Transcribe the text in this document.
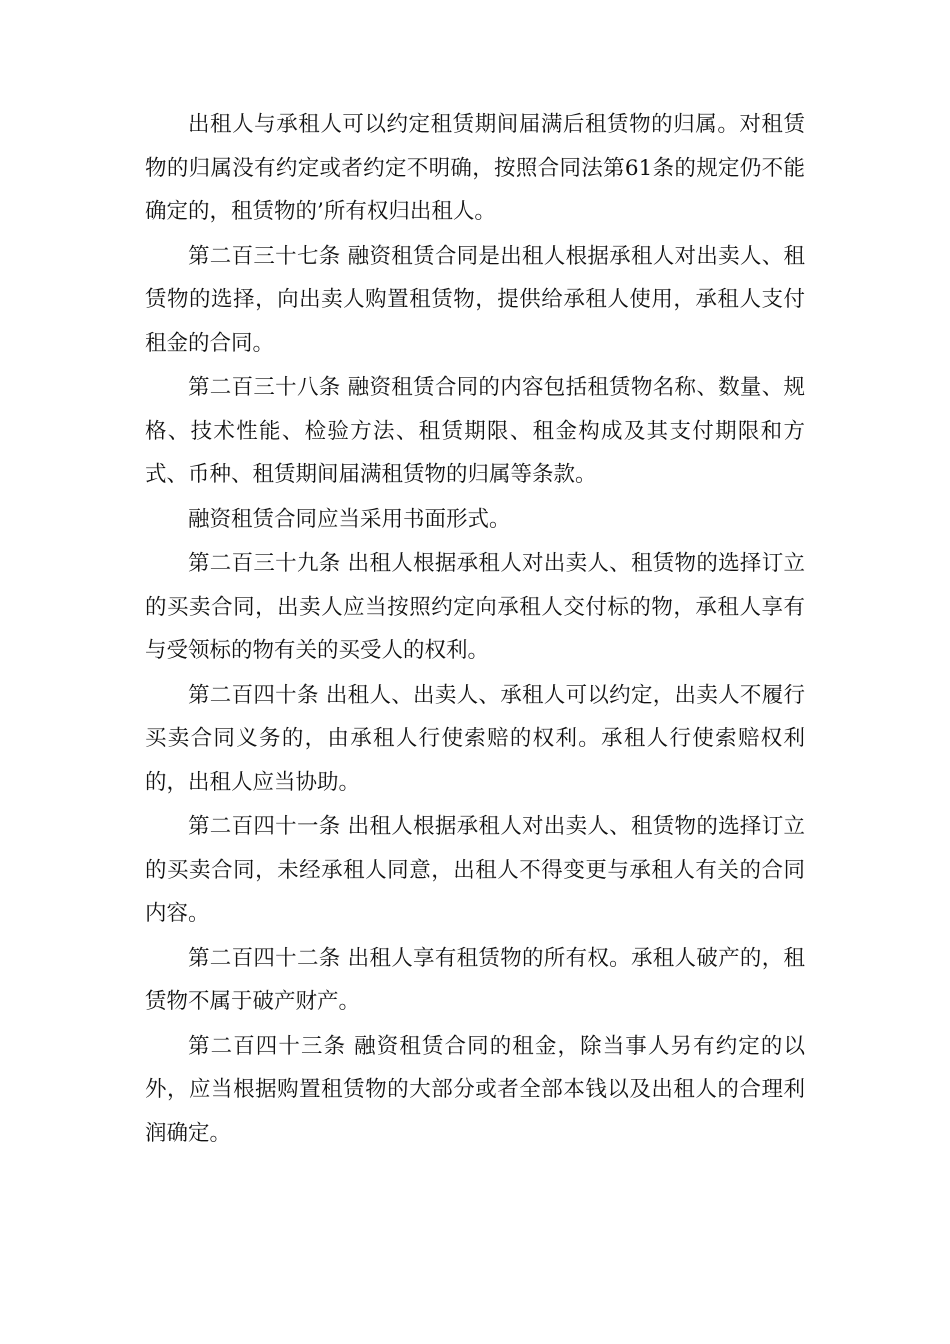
出租人与承租人可以约定租赁期间届满后租赁物的归属。对租赁物的归属没有约定或者约定不明确，按照合同法第61条的规定仍不能确定的，租赁物的’所有权归出租人。

第二百三十七条 融资租赁合同是出租人根据承租人对出卖人、租赁物的选择，向出卖人购置租赁物，提供给承租人使用，承租人支付租金的合同。

第二百三十八条 融资租赁合同的内容包括租赁物名称、数量、规格、技术性能、检验方法、租赁期限、租金构成及其支付期限和方式、币种、租赁期间届满租赁物的归属等条款。

融资租赁合同应当采用书面形式。

第二百三十九条 出租人根据承租人对出卖人、租赁物的选择订立的买卖合同，出卖人应当按照约定向承租人交付标的物，承租人享有与受领标的物有关的买受人的权利。

第二百四十条 出租人、出卖人、承租人可以约定，出卖人不履行买卖合同义务的，由承租人行使索赔的权利。承租人行使索赔权利的，出租人应当协助。

第二百四十一条 出租人根据承租人对出卖人、租赁物的选择订立的买卖合同，未经承租人同意，出租人不得变更与承租人有关的合同内容。

第二百四十二条 出租人享有租赁物的所有权。承租人破产的，租赁物不属于破产财产。

第二百四十三条 融资租赁合同的租金，除当事人另有约定的以外，应当根据购置租赁物的大部分或者全部本钱以及出租人的合理利润确定。
